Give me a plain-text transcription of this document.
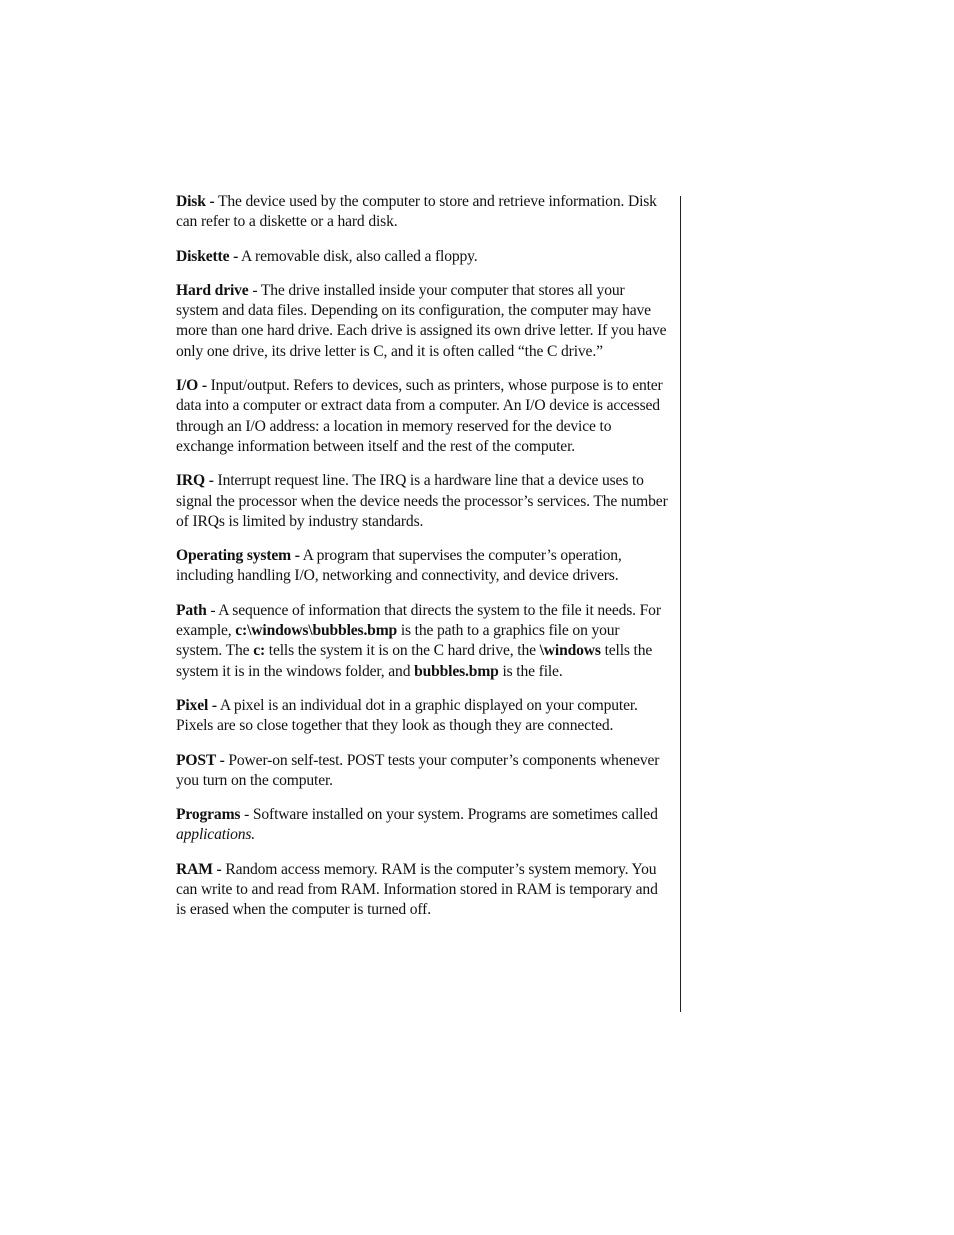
Disk - The device used by the computer to store and retrieve information. Disk can refer to a diskette or a hard disk.

Diskette - A removable disk, also called a floppy.

Hard drive - The drive installed inside your computer that stores all your system and data files. Depending on its configuration, the computer may have more than one hard drive. Each drive is assigned its own drive letter. If you have only one drive, its drive letter is C, and it is often called “the C drive.”

I/O - Input/output. Refers to devices, such as printers, whose purpose is to enter data into a computer or extract data from a computer. An I/O device is accessed through an I/O address: a location in memory reserved for the device to exchange information between itself and the rest of the computer.

IRQ - Interrupt request line. The IRQ is a hardware line that a device uses to signal the processor when the device needs the processor’s services. The number of IRQs is limited by industry standards.

Operating system - A program that supervises the computer’s operation, including handling I/O, networking and connectivity, and device drivers.

Path - A sequence of information that directs the system to the file it needs. For example, c:\windows\bubbles.bmp is the path to a graphics file on your system. The c: tells the system it is on the C hard drive, the \windows tells the system it is in the windows folder, and bubbles.bmp is the file.

Pixel - A pixel is an individual dot in a graphic displayed on your computer. Pixels are so close together that they look as though they are connected.

POST - Power-on self-test. POST tests your computer’s components whenever you turn on the computer.

Programs - Software installed on your system. Programs are sometimes called applications.

RAM - Random access memory. RAM is the computer’s system memory. You can write to and read from RAM. Information stored in RAM is temporary and is erased when the computer is turned off.
